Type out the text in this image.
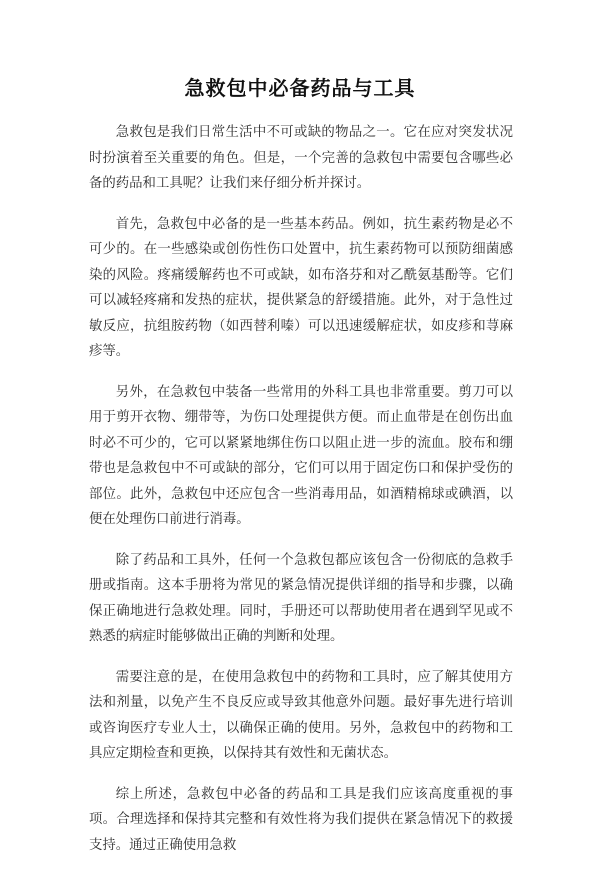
急救包中必备药品与工具

急救包是我们日常生活中不可或缺的物品之一。它在应对突发状况时扮演着至关重要的角色。但是，一个完善的急救包中需要包含哪些必备的药品和工具呢？让我们来仔细分析并探讨。

首先，急救包中必备的是一些基本药品。例如，抗生素药物是必不可少的。在一些感染或创伤性伤口处置中，抗生素药物可以预防细菌感染的风险。疼痛缓解药也不可或缺，如布洛芬和对乙酰氨基酚等。它们可以减轻疼痛和发热的症状，提供紧急的舒缓措施。此外，对于急性过敏反应，抗组胺药物（如西替利嗪）可以迅速缓解症状，如皮疹和荨麻疹等。

另外，在急救包中装备一些常用的外科工具也非常重要。剪刀可以用于剪开衣物、绷带等，为伤口处理提供方便。而止血带是在创伤出血时必不可少的，它可以紧紧地绑住伤口以阻止进一步的流血。胶布和绷带也是急救包中不可或缺的部分，它们可以用于固定伤口和保护受伤的部位。此外，急救包中还应包含一些消毒用品，如酒精棉球或碘酒，以便在处理伤口前进行消毒。

除了药品和工具外，任何一个急救包都应该包含一份彻底的急救手册或指南。这本手册将为常见的紧急情况提供详细的指导和步骤，以确保正确地进行急救处理。同时，手册还可以帮助使用者在遇到罕见或不熟悉的病症时能够做出正确的判断和处理。

需要注意的是，在使用急救包中的药物和工具时，应了解其使用方法和剂量，以免产生不良反应或导致其他意外问题。最好事先进行培训或咨询医疗专业人士，以确保正确的使用。另外，急救包中的药物和工具应定期检查和更换，以保持其有效性和无菌状态。

综上所述，急救包中必备的药品和工具是我们应该高度重视的事项。合理选择和保持其完整和有效性将为我们提供在紧急情况下的救援支持。通过正确使用急救
